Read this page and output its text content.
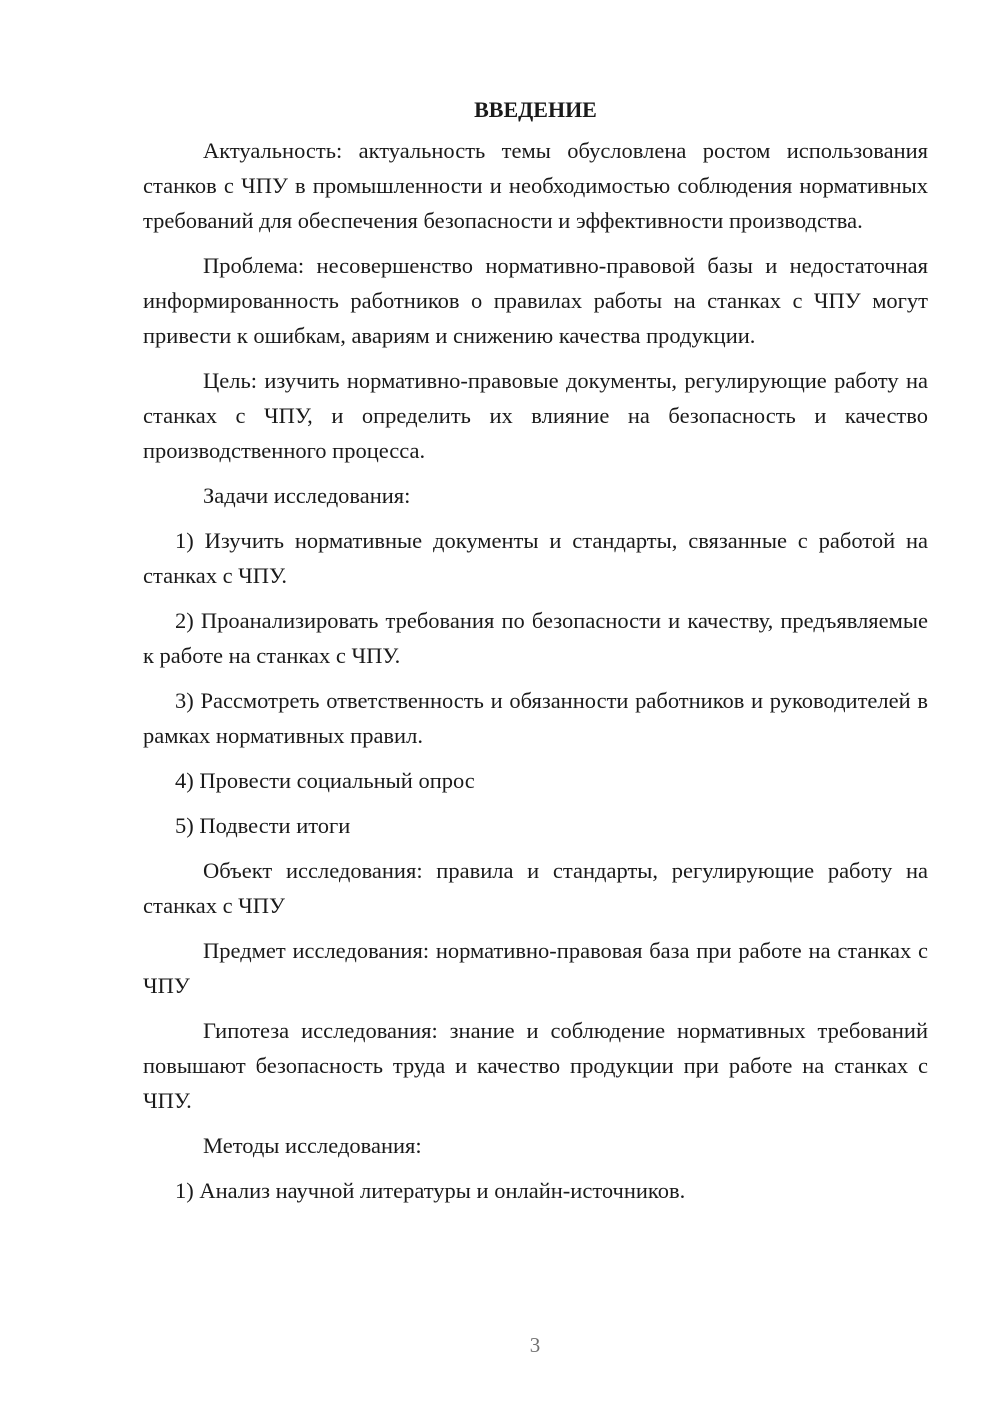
ВВЕДЕНИЕ

Актуальность: актуальность темы обусловлена ростом использования станков с ЧПУ в промышленности и необходимостью соблюдения нормативных требований для обеспечения безопасности и эффективности производства.

Проблема: несовершенство нормативно-правовой базы и недостаточная информированность работников о правилах работы на станках с ЧПУ могут привести к ошибкам, авариям и снижению качества продукции.

Цель: изучить нормативно-правовые документы, регулирующие работу на станках с ЧПУ, и определить их влияние на безопасность и качество производственного процесса.

Задачи исследования:

1) Изучить нормативные документы и стандарты, связанные с работой на станках с ЧПУ.

2) Проанализировать требования по безопасности и качеству, предъявляемые к работе на станках с ЧПУ.

3) Рассмотреть ответственность и обязанности работников и руководителей в рамках нормативных правил.

4) Провести социальный опрос

5) Подвести итоги

Объект исследования: правила и стандарты, регулирующие работу на станках с ЧПУ

Предмет исследования: нормативно-правовая база при работе на станках с ЧПУ

Гипотеза исследования: знание и соблюдение нормативных требований повышают безопасность труда и качество продукции при работе на станках с ЧПУ.

Методы исследования:

1) Анализ научной литературы и онлайн-источников.

3
